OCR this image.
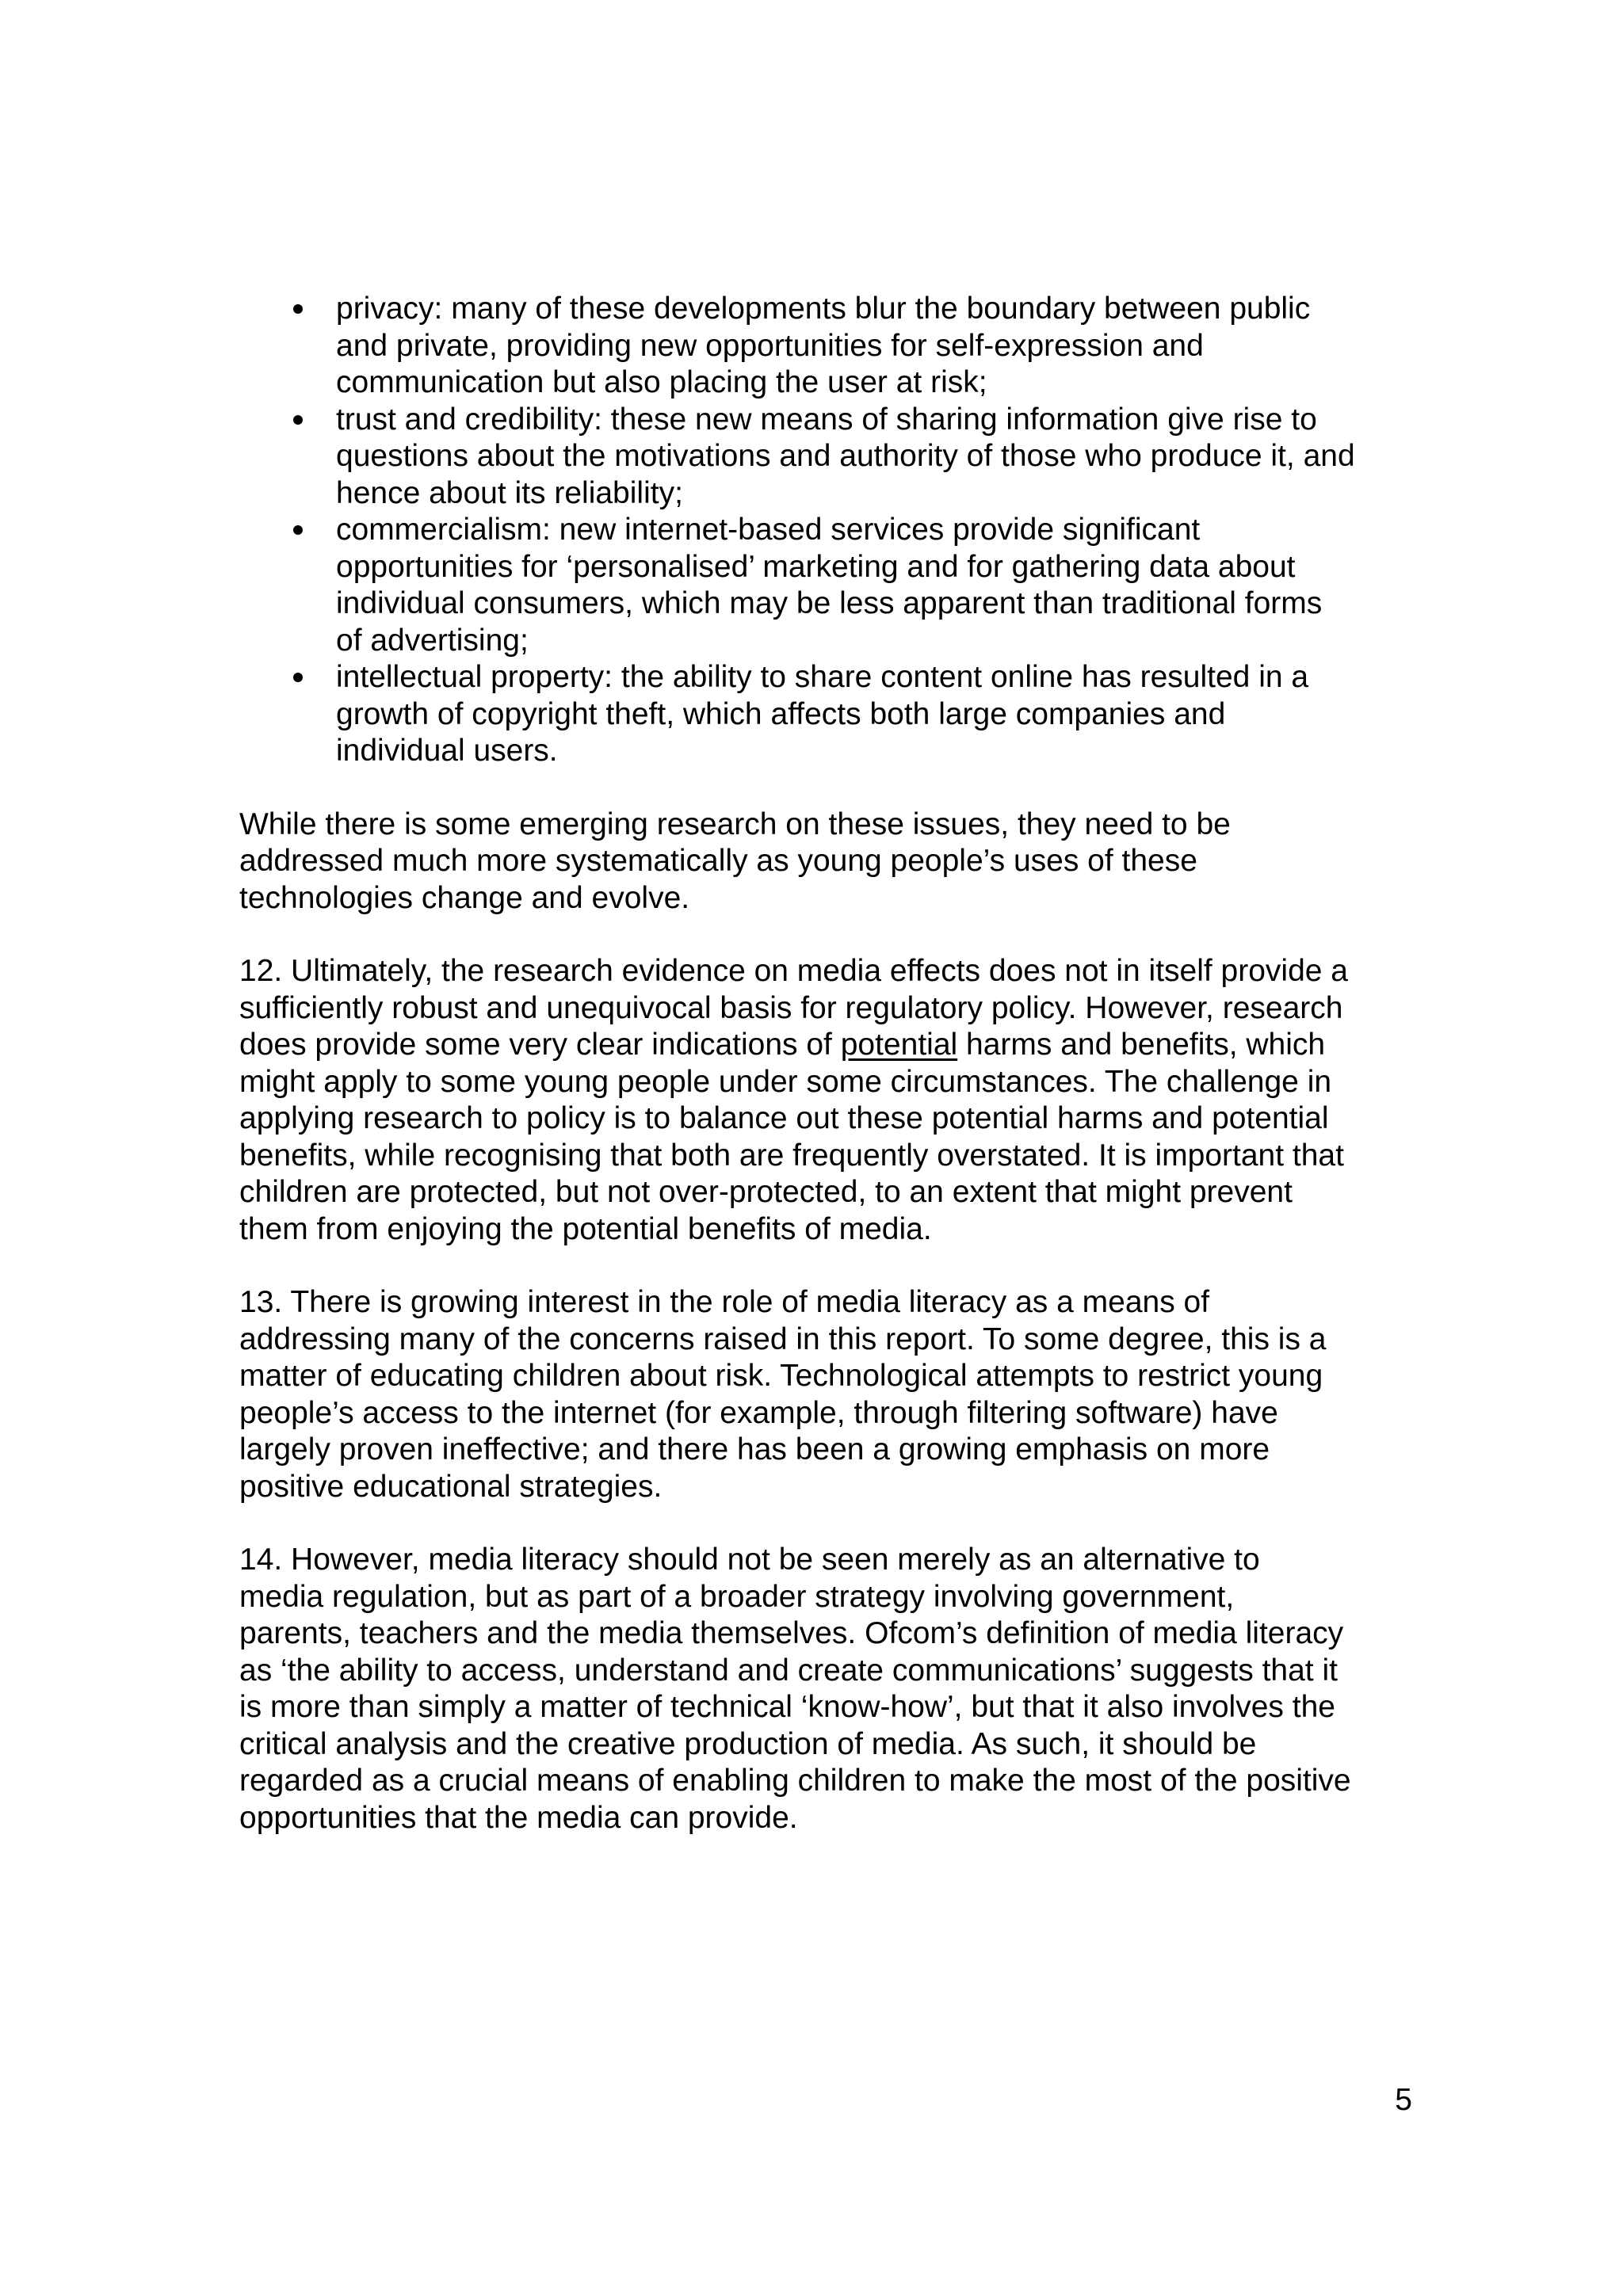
privacy: many of these developments blur the boundary between public
and private, providing new opportunities for self-expression and
communication but also placing the user at risk;
trust and credibility: these new means of sharing information give rise to
questions about the motivations and authority of those who produce it, and
hence about its reliability;
commercialism: new internet-based services provide significant
opportunities for ‘personalised’ marketing and for gathering data about
individual consumers, which may be less apparent than traditional forms
of advertising;
intellectual property: the ability to share content online has resulted in a
growth of copyright theft, which affects both large companies and
individual users.

While there is some emerging research on these issues, they need to be
addressed much more systematically as young people’s uses of these
technologies change and evolve.

12. Ultimately, the research evidence on media effects does not in itself provide a
sufficiently robust and unequivocal basis for regulatory policy. However, research
does provide some very clear indications of potential harms and benefits, which
might apply to some young people under some circumstances. The challenge in
applying research to policy is to balance out these potential harms and potential
benefits, while recognising that both are frequently overstated. It is important that
children are protected, but not over-protected, to an extent that might prevent
them from enjoying the potential benefits of media.

13. There is growing interest in the role of media literacy as a means of
addressing many of the concerns raised in this report. To some degree, this is a
matter of educating children about risk. Technological attempts to restrict young
people’s access to the internet (for example, through filtering software) have
largely proven ineffective; and there has been a growing emphasis on more
positive educational strategies.

14. However, media literacy should not be seen merely as an alternative to
media regulation, but as part of a broader strategy involving government,
parents, teachers and the media themselves. Ofcom’s definition of media literacy
as ‘the ability to access, understand and create communications’ suggests that it
is more than simply a matter of technical ‘know-how’, but that it also involves the
critical analysis and the creative production of media. As such, it should be
regarded as a crucial means of enabling children to make the most of the positive
opportunities that the media can provide.

5
